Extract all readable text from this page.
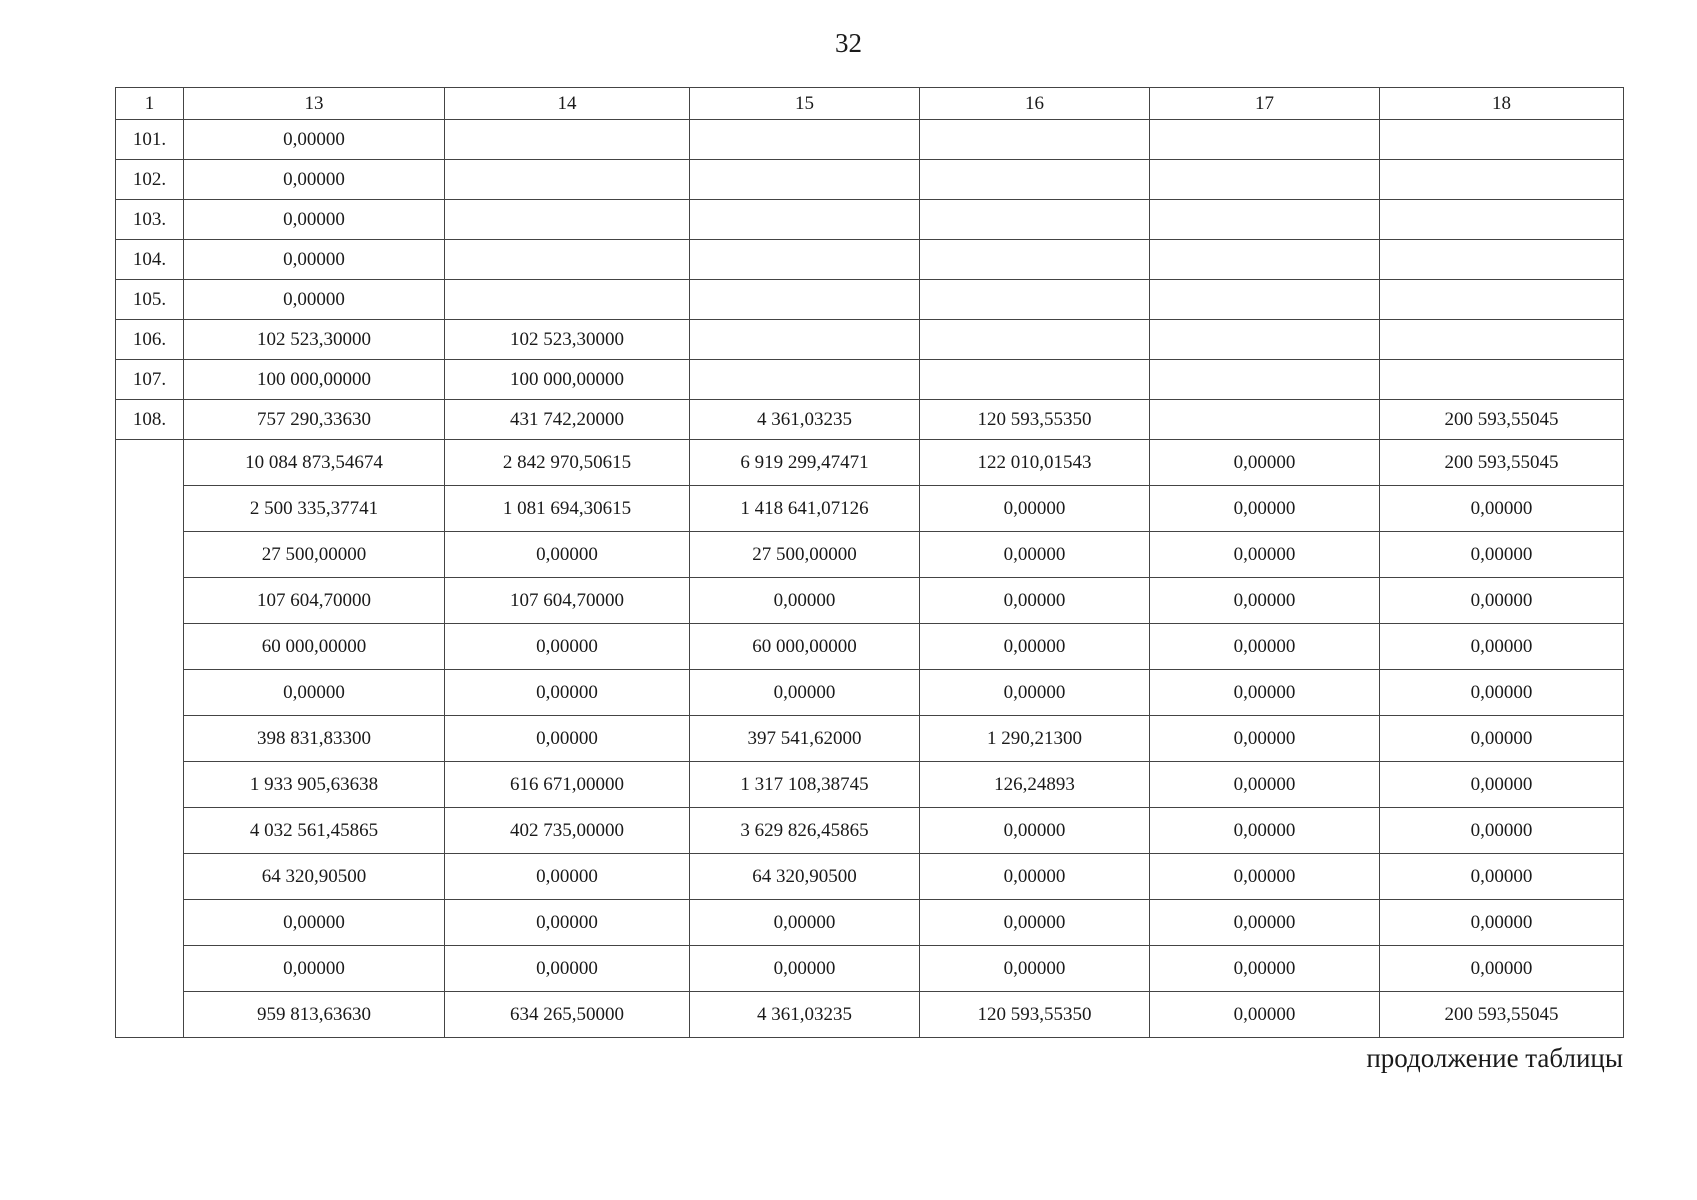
32
1	13	14	15	16	17	18
101.	0,00000					
102.	0,00000					
103.	0,00000					
104.	0,00000					
105.	0,00000					
106.	102 523,30000	102 523,30000				
107.	100 000,00000	100 000,00000				
108.	757 290,33630	431 742,20000	4 361,03235	120 593,55350		200 593,55045
	10 084 873,54674	2 842 970,50615	6 919 299,47471	122 010,01543	0,00000	200 593,55045
	2 500 335,37741	1 081 694,30615	1 418 641,07126	0,00000	0,00000	0,00000
	27 500,00000	0,00000	27 500,00000	0,00000	0,00000	0,00000
	107 604,70000	107 604,70000	0,00000	0,00000	0,00000	0,00000
	60 000,00000	0,00000	60 000,00000	0,00000	0,00000	0,00000
	0,00000	0,00000	0,00000	0,00000	0,00000	0,00000
	398 831,83300	0,00000	397 541,62000	1 290,21300	0,00000	0,00000
	1 933 905,63638	616 671,00000	1 317 108,38745	126,24893	0,00000	0,00000
	4 032 561,45865	402 735,00000	3 629 826,45865	0,00000	0,00000	0,00000
	64 320,90500	0,00000	64 320,90500	0,00000	0,00000	0,00000
	0,00000	0,00000	0,00000	0,00000	0,00000	0,00000
	0,00000	0,00000	0,00000	0,00000	0,00000	0,00000
	959 813,63630	634 265,50000	4 361,03235	120 593,55350	0,00000	200 593,55045
продолжение таблицы
